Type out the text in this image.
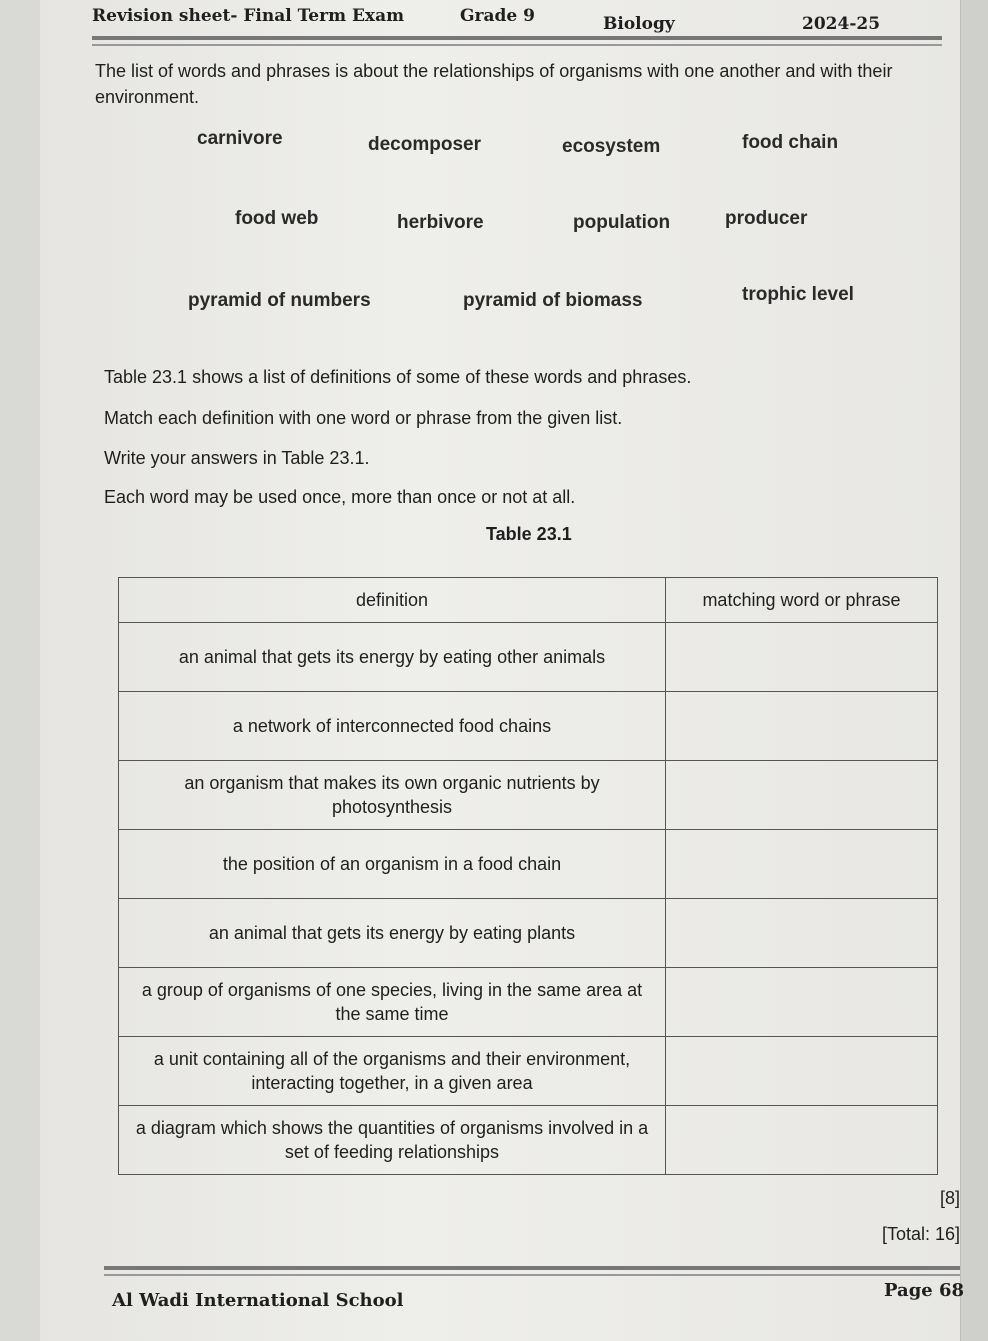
Revision sheet- Final Term Exam	Grade 9	Biology	2024-25
The list of words and phrases is about the relationships of organisms with one another and with their environment.
carnivore	decomposer	ecosystem	food chain
food web	herbivore	population	producer
pyramid of numbers	pyramid of biomass	trophic level
Table 23.1 shows a list of definitions of some of these words and phrases.
Match each definition with one word or phrase from the given list.
Write your answers in Table 23.1.
Each word may be used once, more than once or not at all.
Table 23.1
definition	matching word or phrase
an animal that gets its energy by eating other animals	
a network of interconnected food chains	
an organism that makes its own organic nutrients by photosynthesis	
the position of an organism in a food chain	
an animal that gets its energy by eating plants	
a group of organisms of one species, living in the same area at the same time	
a unit containing all of the organisms and their environment, interacting together, in a given area	
a diagram which shows the quantities of organisms involved in a set of feeding relationships	
[8]
[Total: 16]
Al Wadi International School	Page 68
